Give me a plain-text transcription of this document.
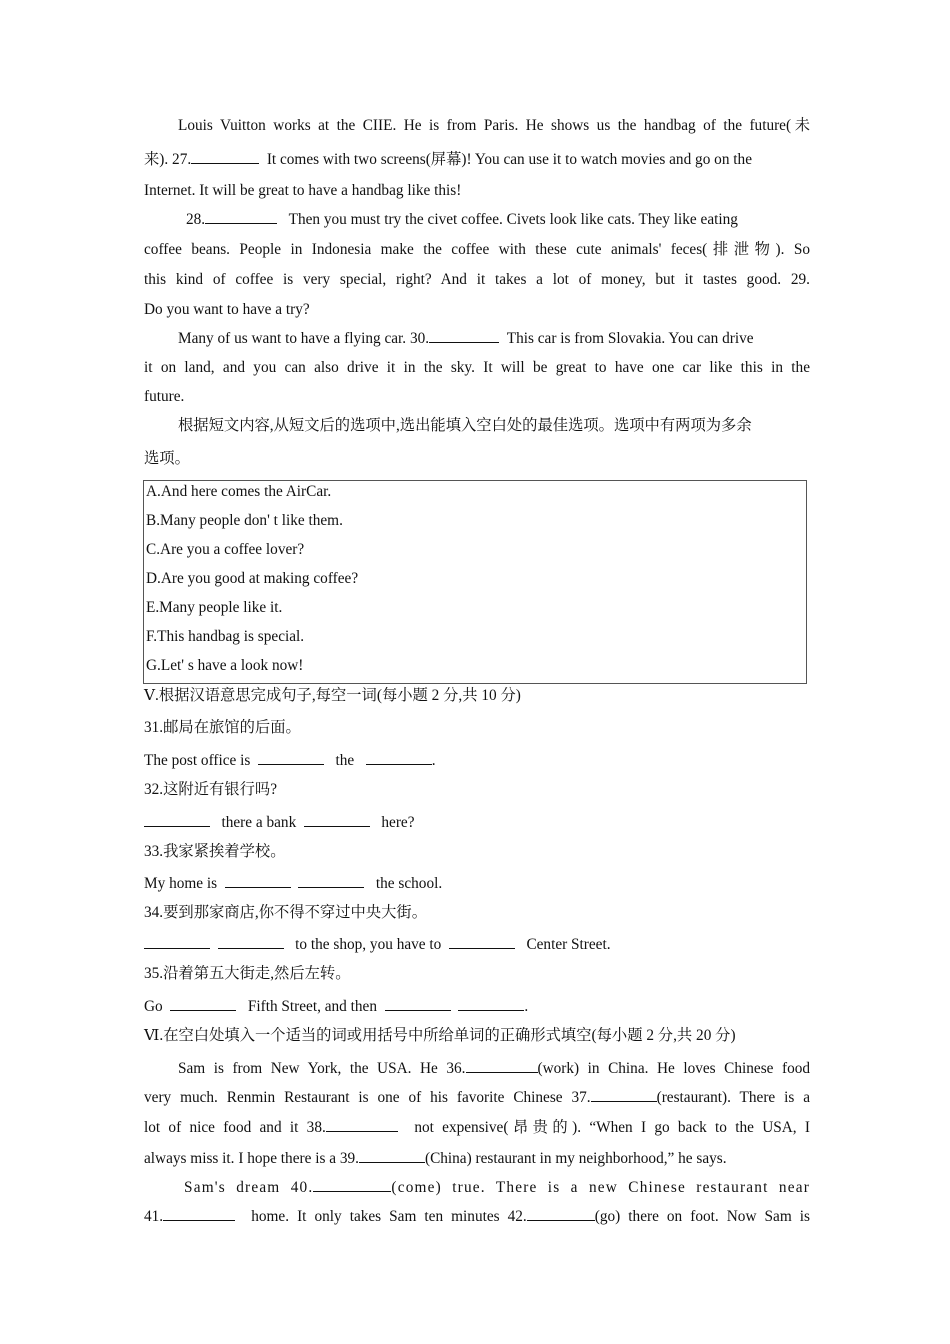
Louis Vuitton works at the CIIE. He is from Paris. He shows us the handbag of the future(未
来). 27.	It comes with two screens(屏幕)! You can use it to watch movies and go on the
Internet. It will be great to have a handbag like this!
28.	Then you must try the civet coffee. Civets look like cats. They like eating
coffee beans. People in Indonesia make the coffee with these cute animals' feces(排泄物). So
this kind of coffee is very special, right? And it takes a lot of money, but it tastes good. 29.
Do you want to have a try?
Many of us want to have a flying car. 30.	This car is from Slovakia. You can drive
it on land, and you can also drive it in the sky. It will be great to have one car like this in the
future.
根据短文内容,从短文后的选项中,选出能填入空白处的最佳选项。选项中有两项为多余
选项。
A.And here comes the AirCar.
B.Many people don' t like them.
C.Are you a coffee lover?
D.Are you good at making coffee?
E.Many people like it.
F.This handbag is special.
G.Let' s have a look now!
Ⅴ.根据汉语意思完成句子,每空一词(每小题 2 分,共 10 分)
31.邮局在旅馆的后面。
The post office is	the	.
32.这附近有银行吗?
there a bank	here?
33.我家紧挨着学校。
My home is	the school.
34.要到那家商店,你不得不穿过中央大街。
to the shop, you have to	Center Street.
35.沿着第五大街走,然后左转。
Go	Fifth Street, and then	.
Ⅵ.在空白处填入一个适当的词或用括号中所给单词的正确形式填空(每小题 2 分,共 20 分)
Sam is from New York, the USA. He 36.	(work) in China. He loves Chinese food
very much. Renmin Restaurant is one of his favorite Chinese 37.	(restaurant). There is a
lot of nice food and it 38.	not expensive(昂贵的). “When I go back to the USA, I
always miss it. I hope there is a 39.	(China) restaurant in my neighborhood,” he says.
Sam's dream 40.	(come) true. There is a new Chinese restaurant near
41.	home. It only takes Sam ten minutes 42.	(go) there on foot. Now Sam is
